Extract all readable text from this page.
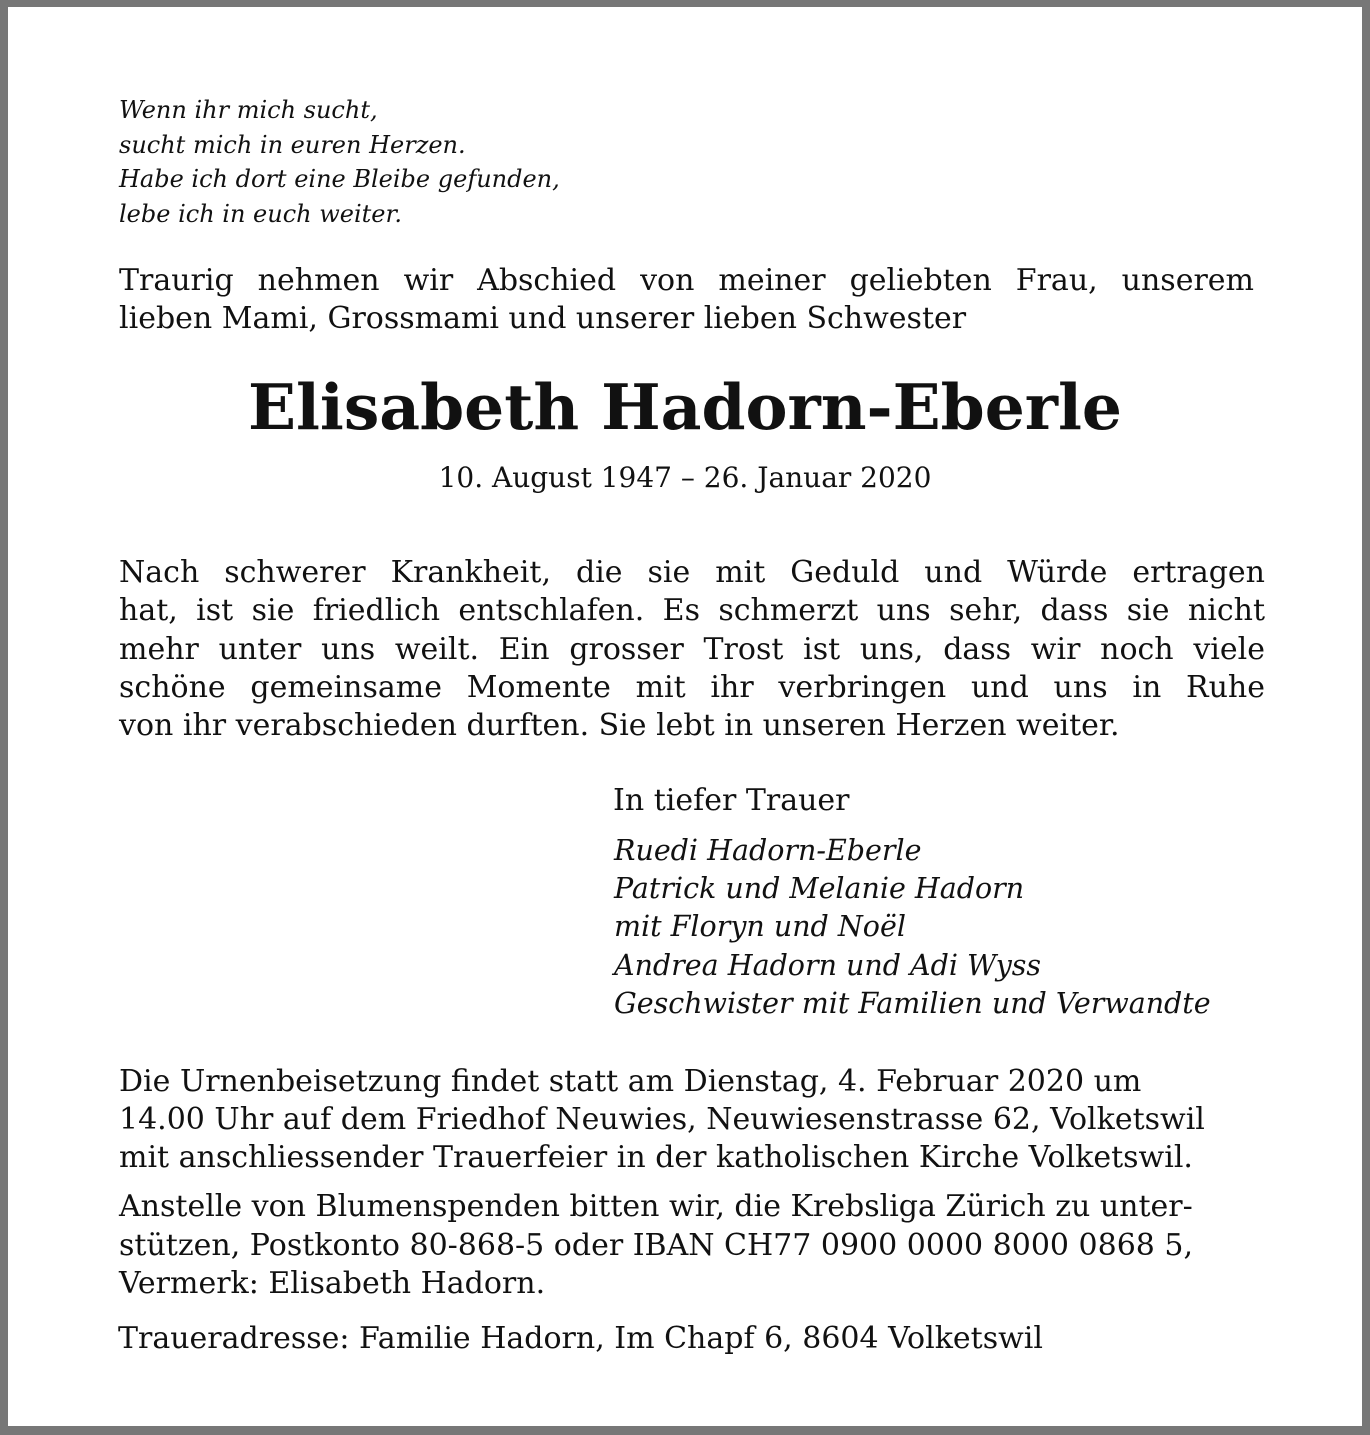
Wenn ihr mich sucht,
sucht mich in euren Herzen.
Habe ich dort eine Bleibe gefunden,
lebe ich in euch weiter.
Traurig nehmen wir Abschied von meiner geliebten Frau, unserem
lieben Mami, Grossmami und unserer lieben Schwester
Elisabeth Hadorn-Eberle
10. August 1947 – 26. Januar 2020
Nach schwerer Krankheit, die sie mit Geduld und Würde ertragen
hat, ist sie friedlich entschlafen. Es schmerzt uns sehr, dass sie nicht
mehr unter uns weilt. Ein grosser Trost ist uns, dass wir noch viele
schöne gemeinsame Momente mit ihr verbringen und uns in Ruhe
von ihr verabschieden durften. Sie lebt in unseren Herzen weiter.
In tiefer Trauer
Ruedi Hadorn-Eberle
Patrick und Melanie Hadorn
mit Floryn und Noël
Andrea Hadorn und Adi Wyss
Geschwister mit Familien und Verwandte
Die Urnenbeisetzung findet statt am Dienstag, 4. Februar 2020 um
14.00 Uhr auf dem Friedhof Neuwies, Neuwiesenstrasse 62, Volketswil
mit anschliessender Trauerfeier in der katholischen Kirche Volketswil.
Anstelle von Blumenspenden bitten wir, die Krebsliga Zürich zu unter-
stützen, Postkonto 80-868-5 oder IBAN CH77 0900 0000 8000 0868 5,
Vermerk: Elisabeth Hadorn.
Traueradresse: Familie Hadorn, Im Chapf 6, 8604 Volketswil
